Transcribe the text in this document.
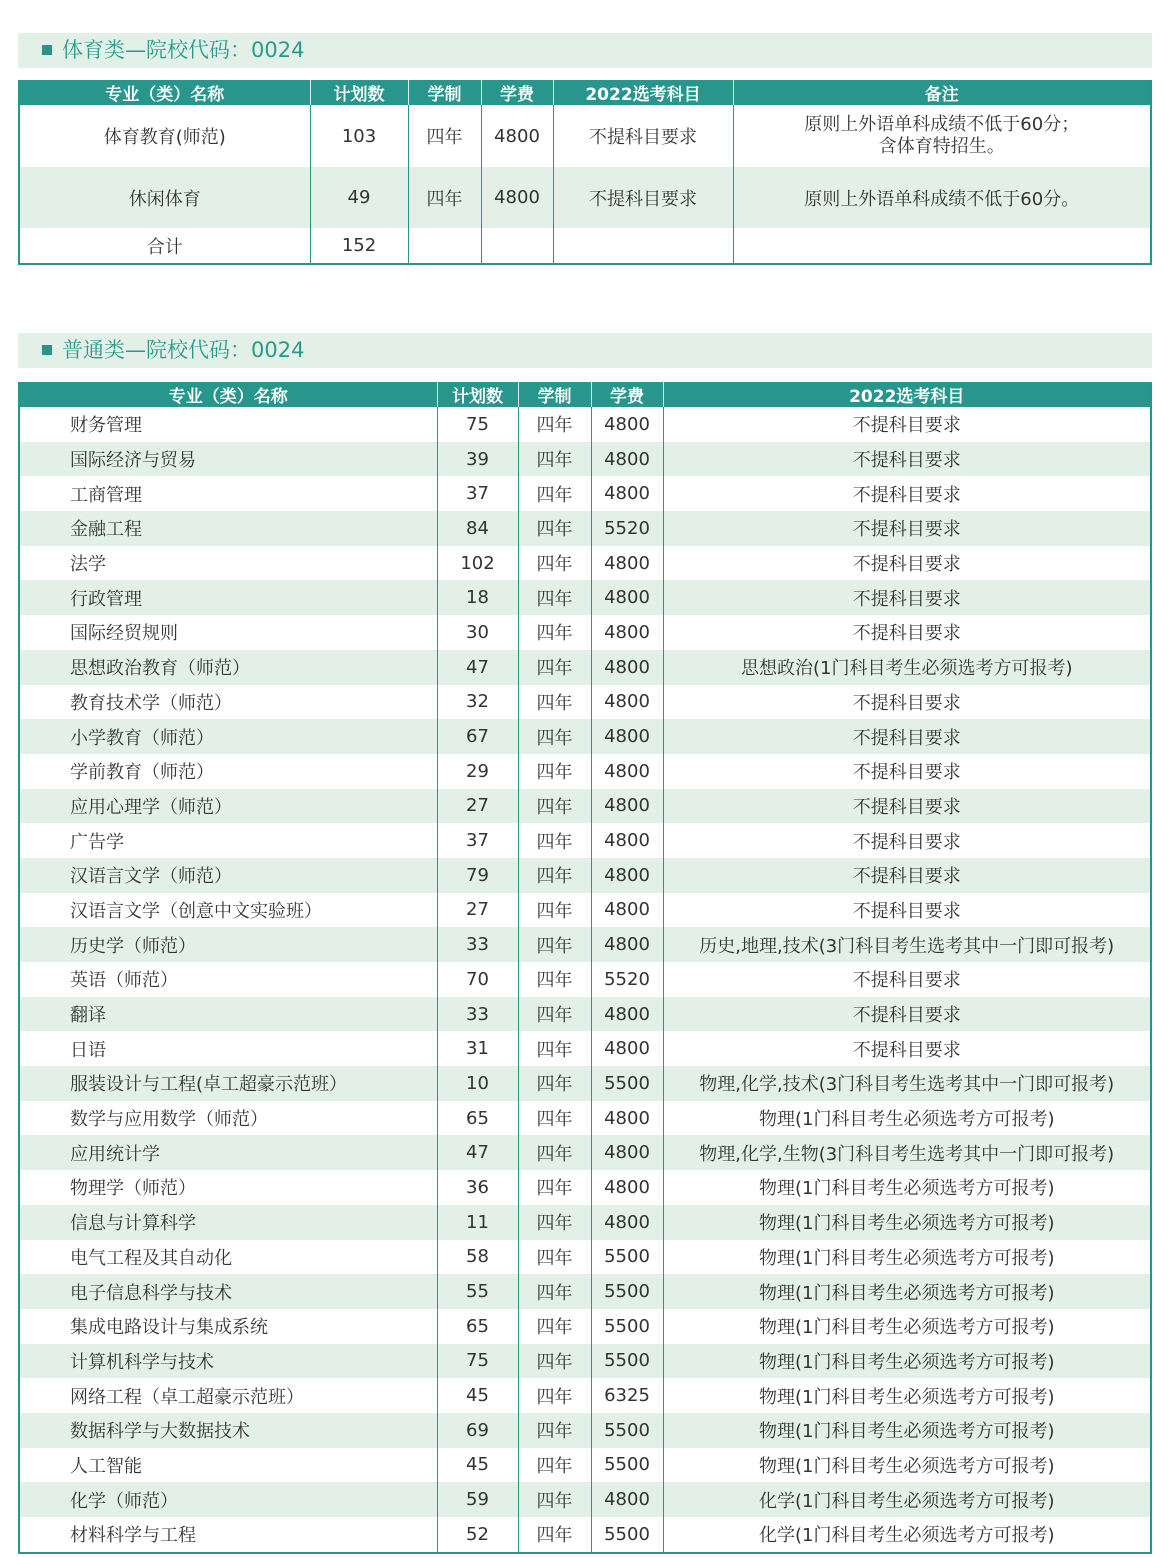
体育类—院校代码：0024
专业（类）名称	计划数	学制	学费	2022选考科目	备注
体育教育(师范)	103	四年	4800	不提科目要求	原则上外语单科成绩不低于60分；
含体育特招生。

休闲体育	49	四年	4800	不提科目要求	原则上外语单科成绩不低于60分。
合计	152				
普通类—院校代码：0024
专业（类）名称	计划数	学制	学费	2022选考科目
财务管理	75	四年	4800	不提科目要求
国际经济与贸易	39	四年	4800	不提科目要求
工商管理	37	四年	4800	不提科目要求
金融工程	84	四年	5520	不提科目要求
法学	102	四年	4800	不提科目要求
行政管理	18	四年	4800	不提科目要求
国际经贸规则	30	四年	4800	不提科目要求
思想政治教育（师范）	47	四年	4800	思想政治(1门科目考生必须选考方可报考)
教育技术学（师范）	32	四年	4800	不提科目要求
小学教育（师范）	67	四年	4800	不提科目要求
学前教育（师范）	29	四年	4800	不提科目要求
应用心理学（师范）	27	四年	4800	不提科目要求
广告学	37	四年	4800	不提科目要求
汉语言文学（师范）	79	四年	4800	不提科目要求
汉语言文学（创意中文实验班）	27	四年	4800	不提科目要求
历史学（师范）	33	四年	4800	历史,地理,技术(3门科目考生选考其中一门即可报考)
英语（师范）	70	四年	5520	不提科目要求
翻译	33	四年	4800	不提科目要求
日语	31	四年	4800	不提科目要求
服装设计与工程(卓工超豪示范班）	10	四年	5500	物理,化学,技术(3门科目考生选考其中一门即可报考)
数学与应用数学（师范）	65	四年	4800	物理(1门科目考生必须选考方可报考)
应用统计学	47	四年	4800	物理,化学,生物(3门科目考生选考其中一门即可报考)
物理学（师范）	36	四年	4800	物理(1门科目考生必须选考方可报考)
信息与计算科学	11	四年	4800	物理(1门科目考生必须选考方可报考)
电气工程及其自动化	58	四年	5500	物理(1门科目考生必须选考方可报考)
电子信息科学与技术	55	四年	5500	物理(1门科目考生必须选考方可报考)
集成电路设计与集成系统	65	四年	5500	物理(1门科目考生必须选考方可报考)
计算机科学与技术	75	四年	5500	物理(1门科目考生必须选考方可报考)
网络工程（卓工超豪示范班）	45	四年	6325	物理(1门科目考生必须选考方可报考)
数据科学与大数据技术	69	四年	5500	物理(1门科目考生必须选考方可报考)
人工智能	45	四年	5500	物理(1门科目考生必须选考方可报考)
化学（师范）	59	四年	4800	化学(1门科目考生必须选考方可报考)
材料科学与工程	52	四年	5500	化学(1门科目考生必须选考方可报考)
